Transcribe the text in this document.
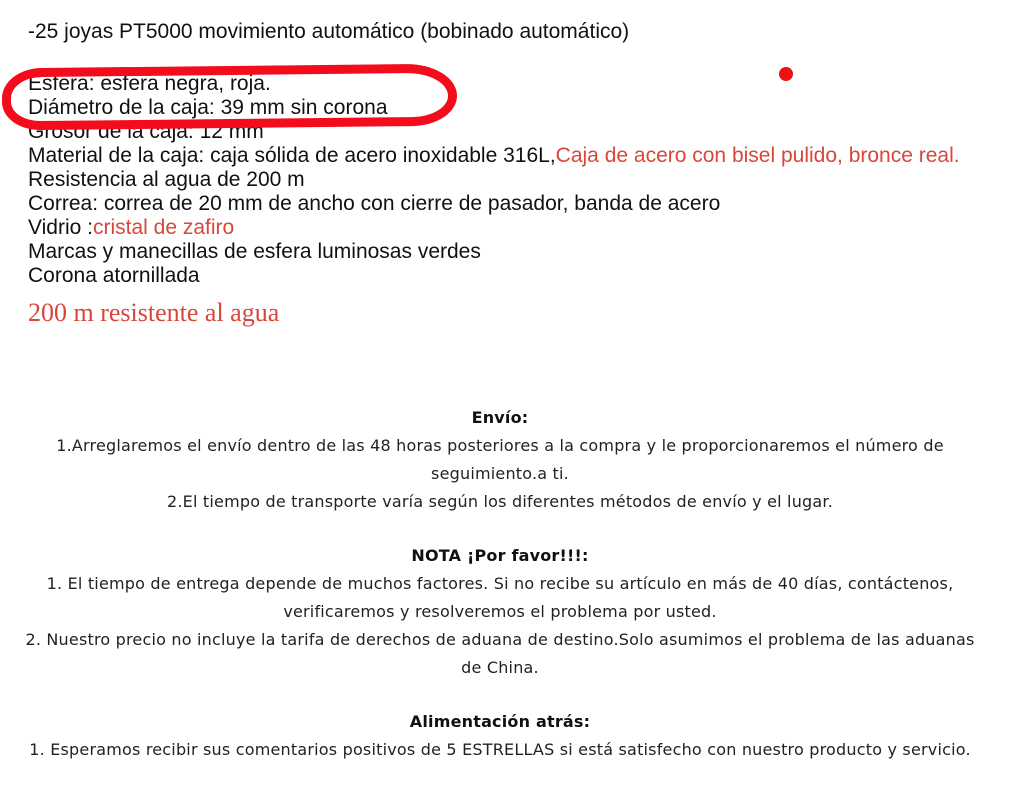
-25 joyas PT5000 movimiento automático (bobinado automático)
Esfera: esfera negra, roja.
Diámetro de la caja: 39 mm sin corona
Grosor de la caja: 12 mm
Material de la caja: caja sólida de acero inoxidable 316L,Caja de acero con bisel pulido, bronce real.
Resistencia al agua de 200 m
Correa: correa de 20 mm de ancho con cierre de pasador, banda de acero
Vidrio :cristal de zafiro
Marcas y manecillas de esfera luminosas verdes
Corona atornillada
200 m resistente al agua
Envío:
1.Arreglaremos el envío dentro de las 48 horas posteriores a la compra y le proporcionaremos el número de seguimiento.a ti.
2.El tiempo de transporte varía según los diferentes métodos de envío y el lugar.
NOTA ¡Por favor!!!:
1. El tiempo de entrega depende de muchos factores. Si no recibe su artículo en más de 40 días, contáctenos, verificaremos y resolveremos el problema por usted.
2. Nuestro precio no incluye la tarifa de derechos de aduana de destino.Solo asumimos el problema de las aduanas de China.
Alimentación atrás:
1. Esperamos recibir sus comentarios positivos de 5 ESTRELLAS si está satisfecho con nuestro producto y servicio.
